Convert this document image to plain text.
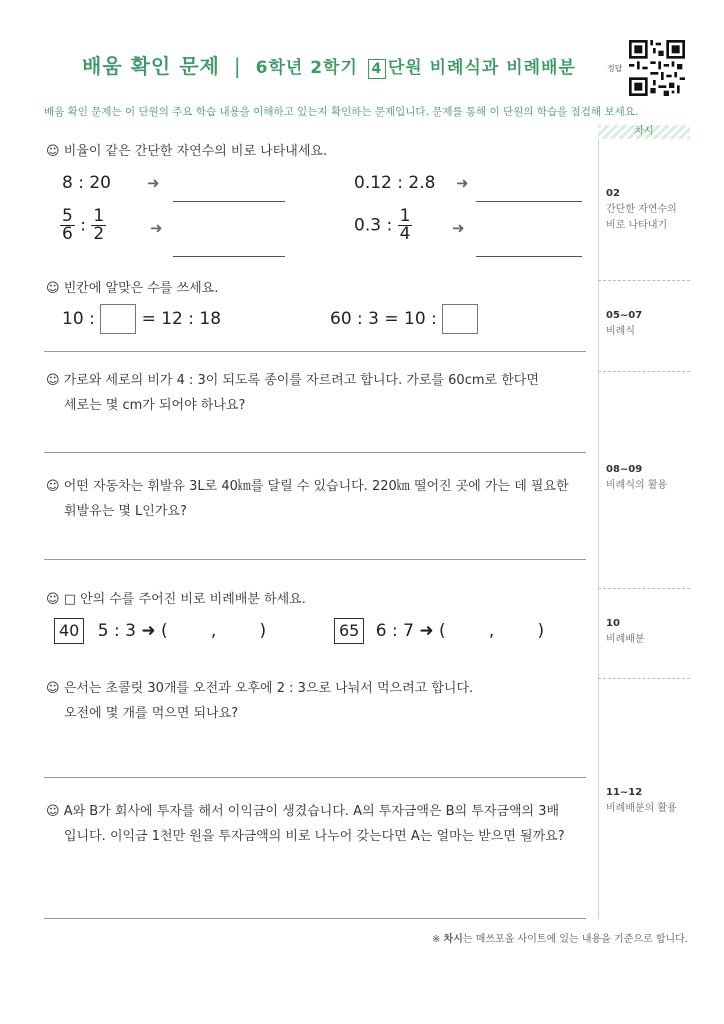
배움 확인 문제 | 6학년 2학기 4 단원 비례식과 비례배분	정답
배움 확인 문제는 이 단원의 주요 학습 내용을 이해하고 있는지 확인하는 문제입니다. 문제를 통해 이 단원의 학습을 점검해 보세요.
차시
02
간단한 자연수의
비로 나타내기
05~07
비례식
08~09
비례식의 활용
10
비례배분
11~12
비례배분의 활용
☺ 비율이 같은 간단한 자연수의 비로 나타내세요.
8 : 20 ➜	0.12 : 2.8 ➜
$\frac{5}{6}$ : $\frac{1}{2}$	➜	0.3 : $\frac{1}{4}$	➜
☺ 빈칸에 알맞은 수를 쓰세요.
10 :	= 12 : 18	60 : 3 = 10 :
☺ 가로와 세로의 비가 4 : 3이 되도록 종이를 자르려고 합니다. 가로를 60cm로 한다면
세로는 몇 cm가 되어야 하나요?
☺ 어떤 자동차는 휘발유 3L로 40㎞를 달릴 수 있습니다. 220㎞ 떨어진 곳에 가는 데 필요한
휘발유는 몇 L인가요?
☺ □ 안의 수를 주어진 비로 비례배분 하세요.
40 5 : 3 ➜ (        ,        )	65 6 : 7 ➜ (        ,        )
☺ 은서는 초콜릿 30개를 오전과 오후에 2 : 3으로 나눠서 먹으려고 합니다.
오전에 몇 개를 먹으면 되나요?
☺ A와 B가 회사에 투자를 해서 이익금이 생겼습니다. A의 투자금액은 B의 투자금액의 3배
입니다. 이익금 1천만 원을 투자금액의 비로 나누어 갖는다면 A는 얼마는 받으면 될까요?
※ 차시는 매쓰포올 사이트에 있는 내용을 기준으로 합니다.
